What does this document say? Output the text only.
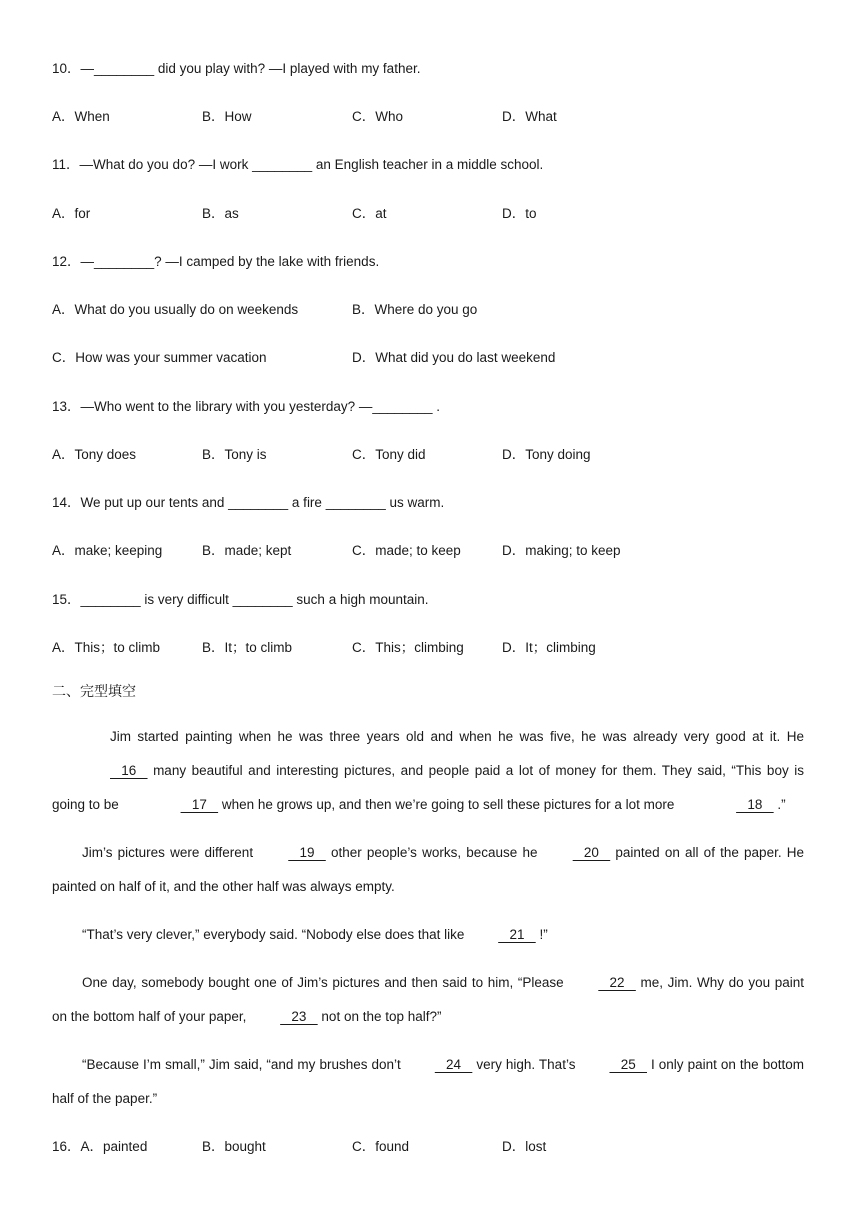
10．—________ did you play with? —I played with my father.
A．When	B．How	C．Who	D．What
11．—What do you do? —I work ________ an English teacher in a middle school.
A．for	B．as	C．at	D．to
12．—________? —I camped by the lake with friends.
A．What do you usually do on weekends	B．Where do you go
C．How was your summer vacation	D．What did you do last weekend
13．—Who went to the library with you yesterday? —________ .
A．Tony does	B．Tony is	C．Tony did	D．Tony doing
14．We put up our tents and ________ a fire ________ us warm.
A．make; keeping	B．made; kept	C．made; to keep	D．making; to keep
15．________ is very difficult ________ such a high mountain.
A．This；to climb	B．It；to climb	C．This；climbing	D．It；climbing
二、完型填空

Jim started painting when he was three years old and when he was five, he was already very good at it. He    16    many beautiful and interesting pictures, and people paid a lot of money for them. They said, “This boy is going to be	17    when he grows up, and then we’re going to sell these pictures for a lot more	18    .”

Jim’s pictures were different    19    other people’s works, because he    20    painted on all of the paper. He painted on half of it, and the other half was always empty.

“That’s very clever,” everybody said. “Nobody else does that like    21    !”

One day, somebody bought one of Jim’s pictures and then said to him, “Please    22    me, Jim. Why do you paint on the bottom half of your paper,    23    not on the top half?”

“Because I’m small,” Jim said, “and my brushes don’t    24    very high. That’s    25    I only paint on the bottom half of the paper.”

16．A．painted	B．bought	C．found	D．lost
